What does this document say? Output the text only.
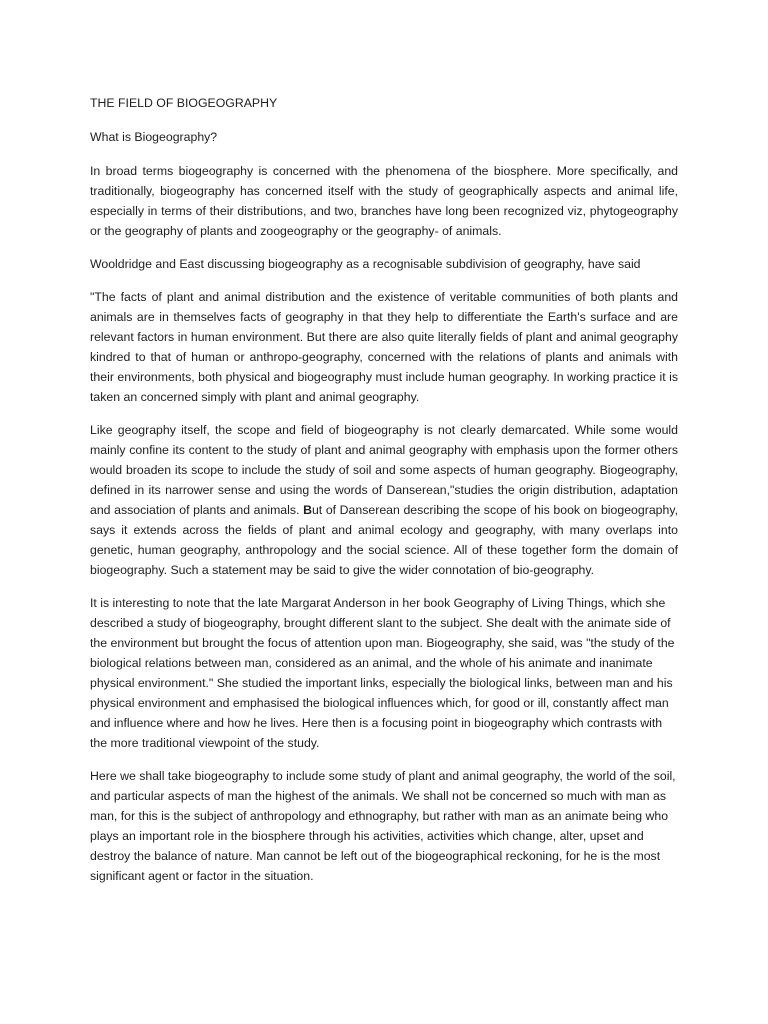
THE FIELD OF BIOGEOGRAPHY

What is Biogeography?

In broad terms biogeography is concerned with the phenomena of the biosphere. More specifically, and traditionally, biogeography has concerned itself with the study of geographically aspects and animal life, especially in terms of their distributions, and two, branches have long been recognized viz, phytogeography or the geography of plants and zoogeography or the geography- of animals.

Wooldridge and East discussing biogeography as a recognisable subdivision of geography, have said

"The facts of plant and animal distribution and the existence of veritable communities of both plants and animals are in themselves facts of geography in that they help to differentiate the Earth's surface and are relevant factors in human environment. But there are also quite literally fields of plant and animal geography kindred to that of human or anthropo-geography, concerned with the relations of plants and animals with their environments, both physical and biogeography must include human geography. In working practice it is taken an concerned simply with plant and animal geography.

Like geography itself, the scope and field of biogeography is not clearly demarcated. While some would mainly confine its content to the study of plant and animal geography with emphasis upon the former others would broaden its scope to include the study of soil and some aspects of human geography. Biogeography, defined in its narrower sense and using the words of Danserean,"studies the origin distribution, adaptation and association of plants and animals. But of Danserean describing the scope of his book on biogeography, says it extends across the fields of plant and animal ecology and geography, with many overlaps into genetic, human geography, anthropology and the social science. All of these together form the domain of biogeography. Such a statement may be said to give the wider connotation of bio-geography.

It is interesting to note that the late Margarat Anderson in her book Geography of Living Things, which she described a study of biogeography, brought different slant to the subject. She dealt with the animate side of the environment but brought the focus of attention upon man. Biogeography, she said, was "the study of the biological relations between man, considered as an animal, and the whole of his animate and inanimate physical environment." She studied the important links, especially the biological links, between man and his physical environment and emphasised the biological influences which, for good or ill, constantly affect man and influence where and how he lives. Here then is a focusing point in biogeography which contrasts with the more traditional viewpoint of the study.

Here we shall take biogeography to include some study of plant and animal geography, the world of the soil, and particular aspects of man the highest of the animals. We shall not be concerned so much with man as man, for this is the subject of anthropology and ethnography, but rather with man as an animate being who plays an important role in the biosphere through his activities, activities which change, alter, upset and destroy the balance of nature. Man cannot be left out of the biogeographical reckoning, for he is the most significant agent or factor in the situation.
